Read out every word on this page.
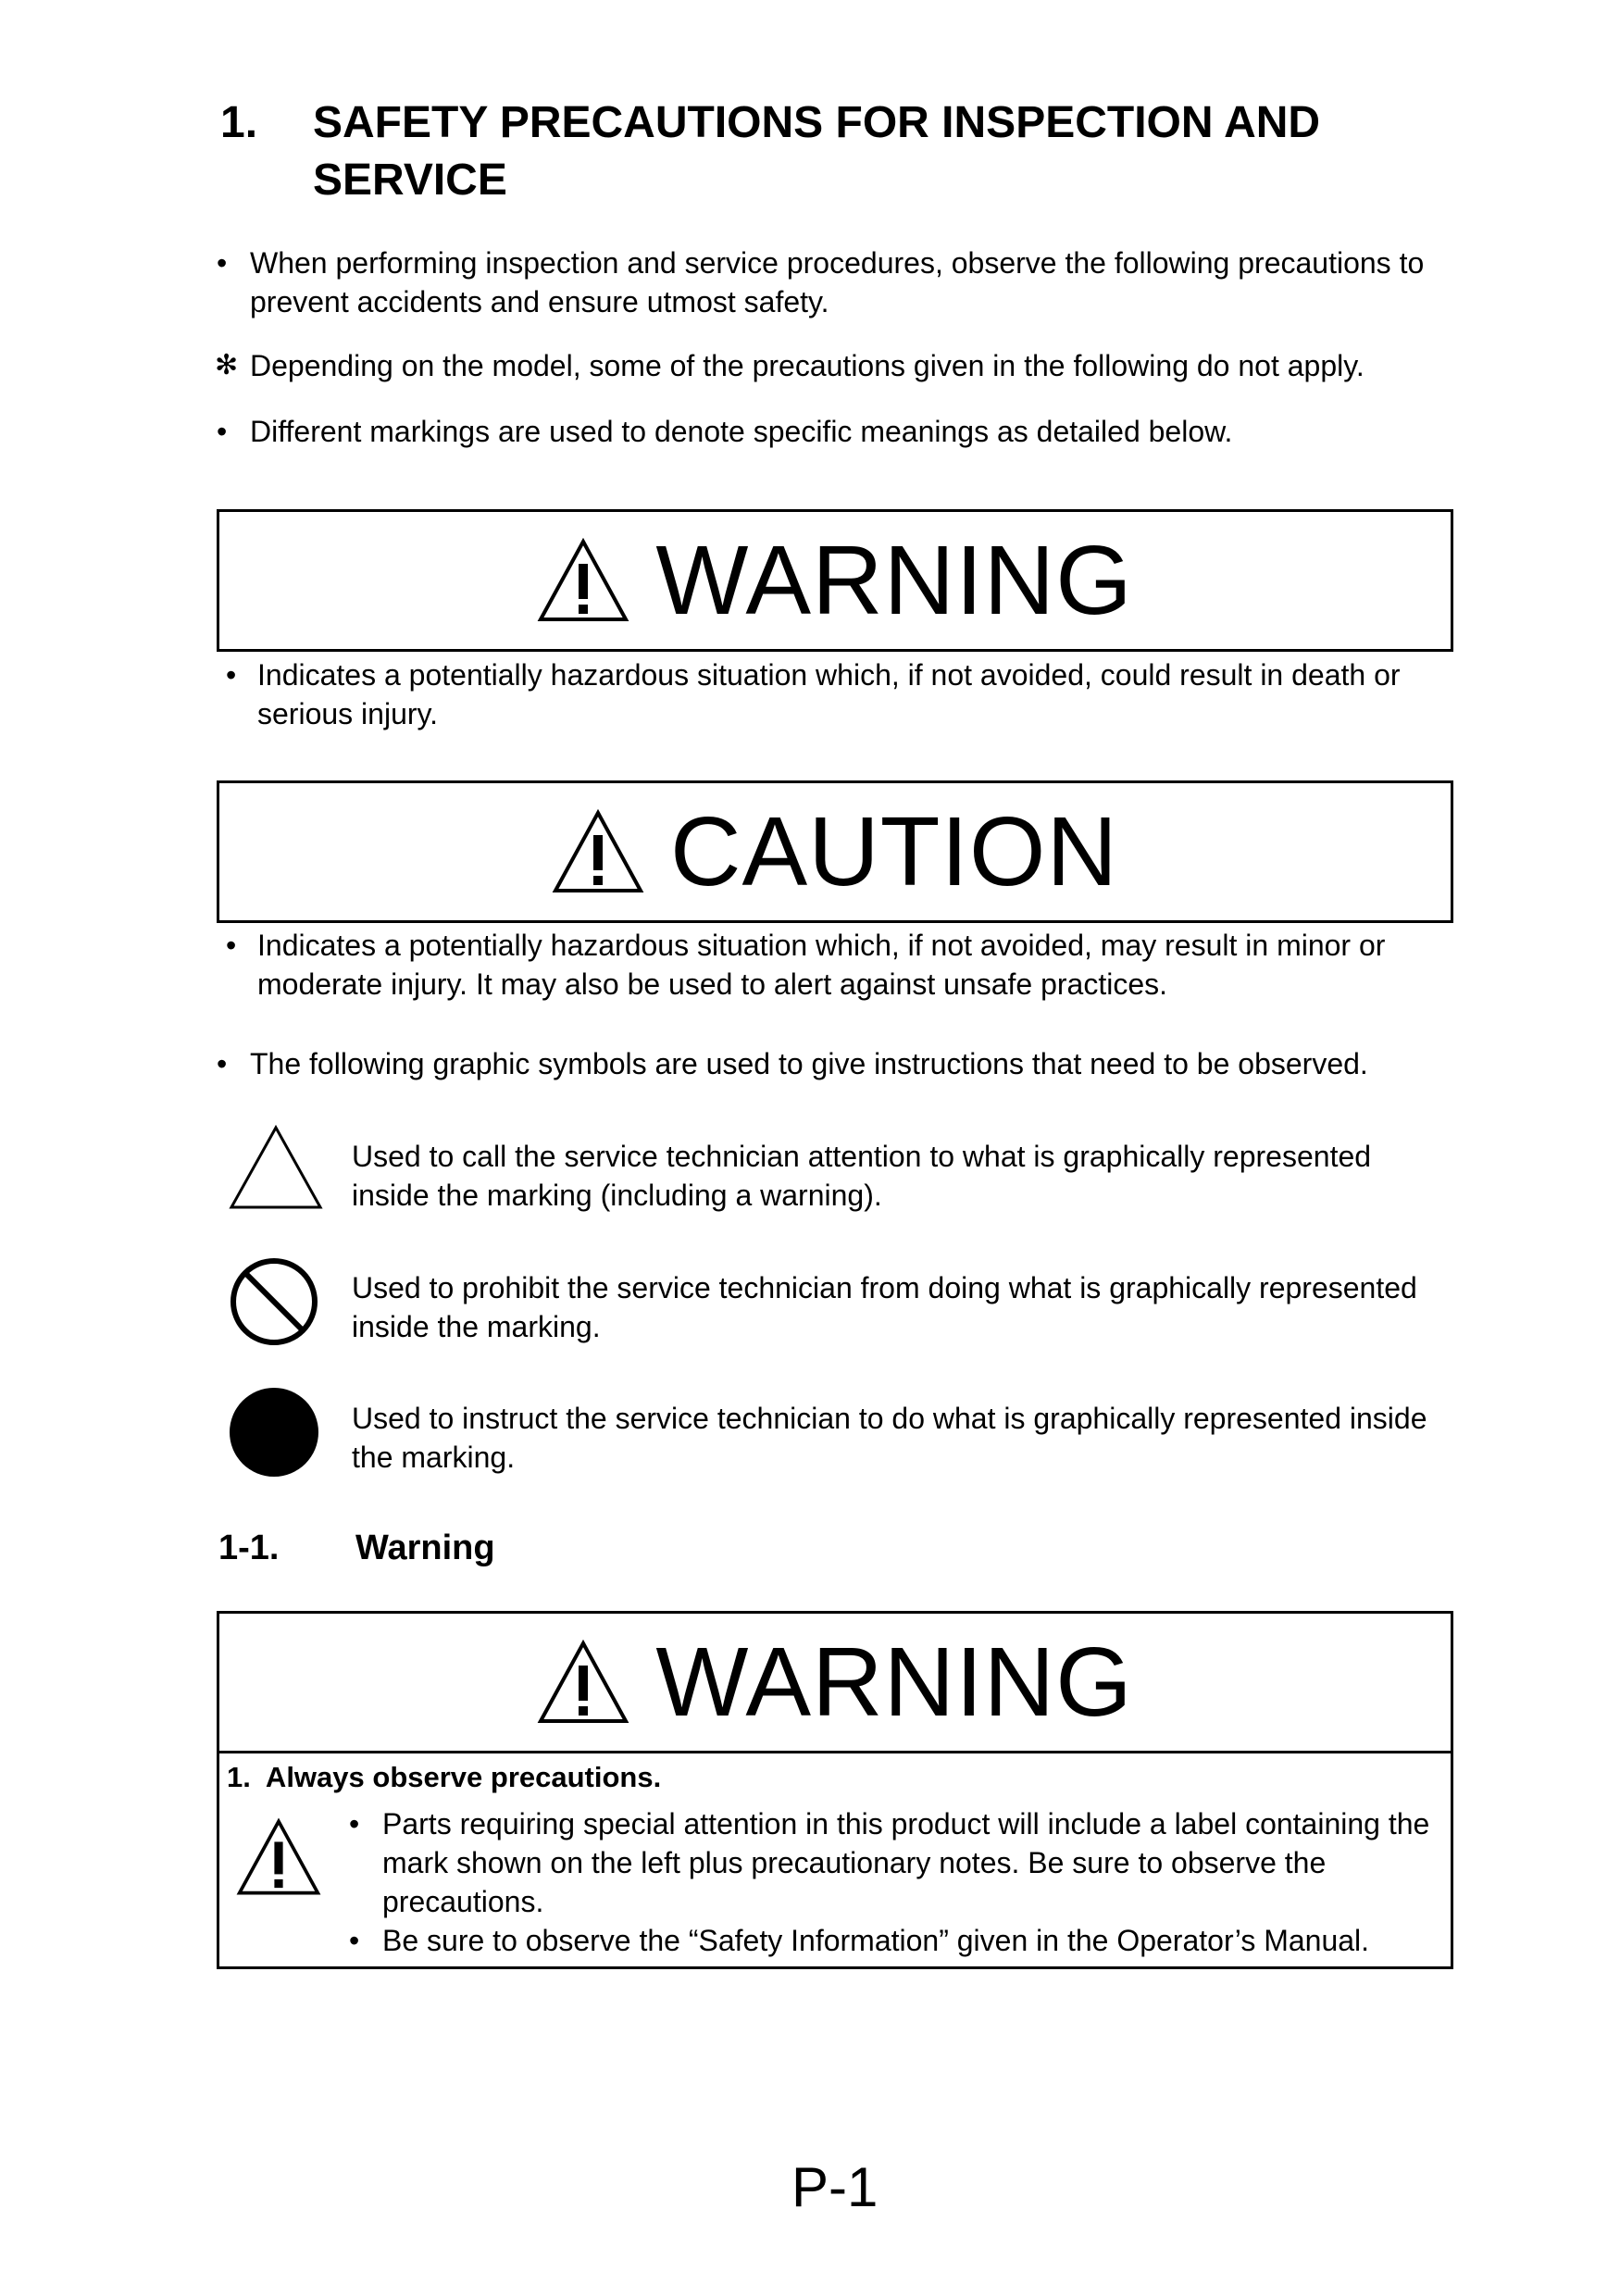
1. SAFETY PRECAUTIONS FOR INSPECTION AND SERVICE
• When performing inspection and service procedures, observe the following precautions to prevent accidents and ensure utmost safety.
✻ Depending on the model, some of the precautions given in the following do not apply.
• Different markings are used to denote specific meanings as detailed below.
WARNING
• Indicates a potentially hazardous situation which, if not avoided, could result in death or serious injury.
CAUTION
• Indicates a potentially hazardous situation which, if not avoided, may result in minor or moderate injury. It may also be used to alert against unsafe practices.
• The following graphic symbols are used to give instructions that need to be observed.
Used to call the service technician attention to what is graphically represented inside the marking (including a warning).
Used to prohibit the service technician from doing what is graphically represented inside the marking.
Used to instruct the service technician to do what is graphically represented inside the marking.
1-1. Warning
WARNING
1.  Always observe precautions.
• Parts requiring special attention in this product will include a label containing the mark shown on the left plus precautionary notes. Be sure to observe the precautions.
• Be sure to observe the “Safety Information” given in the Operator’s Manual.
P-1
